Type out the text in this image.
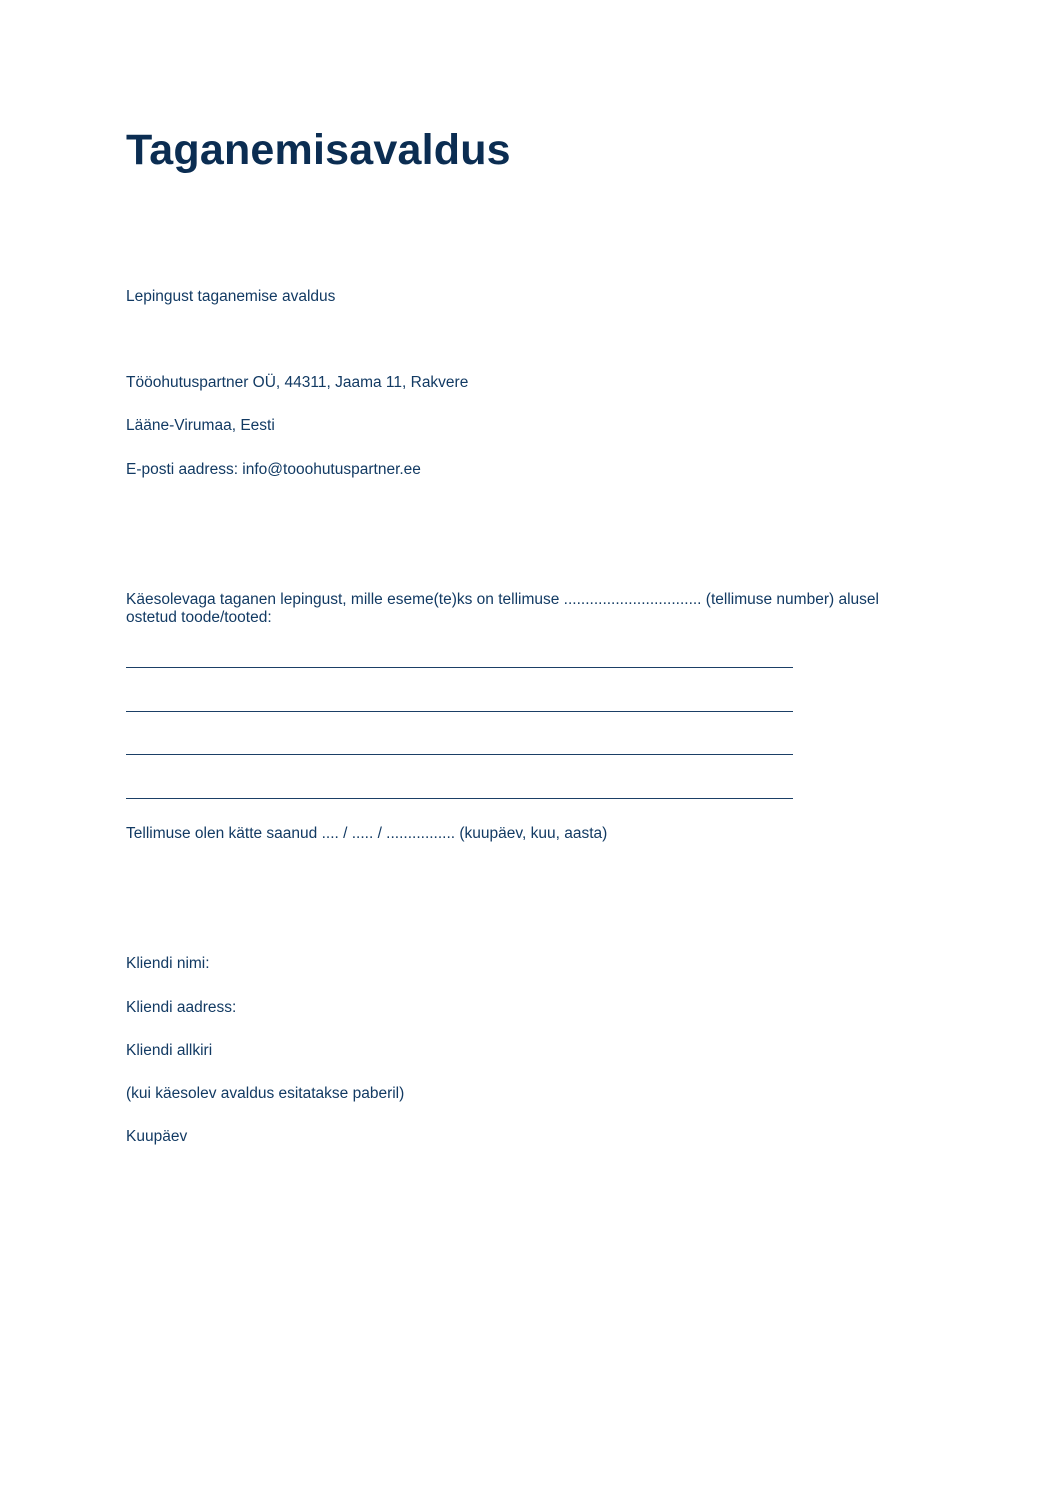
Taganemisavaldus

Lepingust taganemise avaldus

Tööohutuspartner OÜ, 44311, Jaama 11, Rakvere

Lääne-Virumaa, Eesti

E-posti aadress: info@tooohutuspartner.ee

Käesolevaga taganen lepingust, mille eseme(te)ks on tellimuse ................................ (tellimuse number) alusel ostetud toode/tooted:

Tellimuse olen kätte saanud .... / ..... / ................ (kuupäev, kuu, aasta)

Kliendi nimi:

Kliendi aadress:

Kliendi allkiri

(kui käesolev avaldus esitatakse paberil)

Kuupäev
